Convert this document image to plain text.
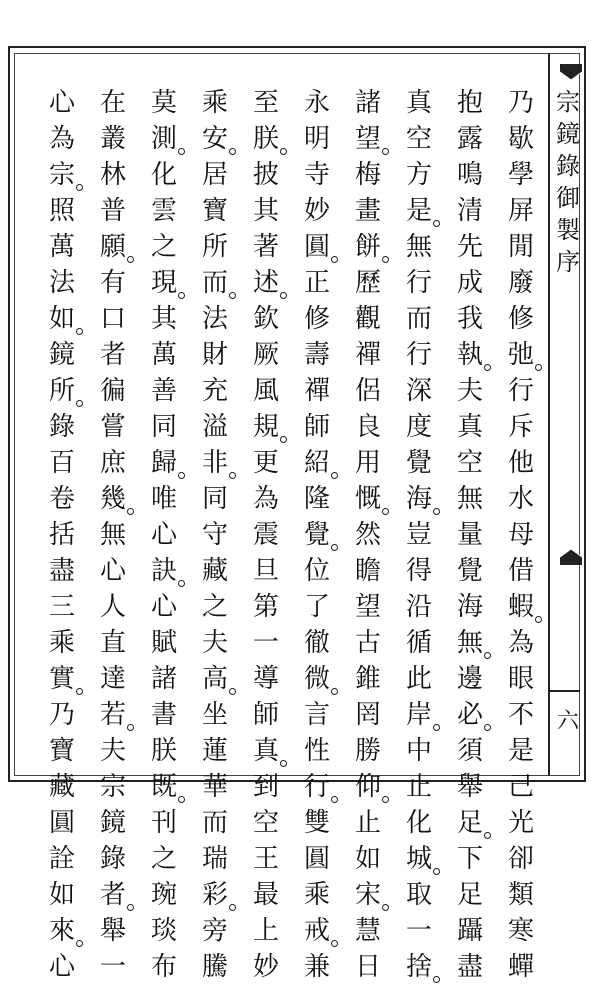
宗
鏡
錄
御
製
序
六
乃
歇
學
屏
閒
廢
修
弛
行
斥
他
水
母
借
蝦
為
眼
不
是
己
光
卻
類
寒
蟬
抱
露
鳴
清
先
成
我
執
夫
真
空
無
量
覺
海
無
邊
必
須
舉
足
下
足
躡
盡
真
空
方
是
無
行
而
行
深
度
覺
海
豈
得
沿
循
此
岸
中
止
化
城
取
一
捨
諸
望
梅
畫
餅
歷
觀
禪
侶
良
用
慨
然
瞻
望
古
錐
罔
勝
仰
止
如
宋
慧
日
永
明
寺
妙
圓
正
修
壽
禪
師
紹
隆
覺
位
了
徹
微
言
性
行
雙
圓
乘
戒
兼
至
朕
披
其
著
述
欽
厥
風
規
更
為
震
旦
第
一
導
師
真
到
空
王
最
上
妙
乘
安
居
寶
所
而
法
財
充
溢
非
同
守
藏
之
夫
高
坐
蓮
華
而
瑞
彩
旁
騰
莫
測
化
雲
之
現
其
萬
善
同
歸
唯
心
訣
心
賦
諸
書
朕
既
刊
之
琬
琰
布
在
叢
林
普
願
有
口
者
徧
嘗
庶
幾
無
心
人
直
達
若
夫
宗
鏡
錄
者
舉
一
心
為
宗
照
萬
法
如
鏡
所
錄
百
卷
括
盡
三
乘
實
乃
寶
藏
圓
詮
如
來
心
